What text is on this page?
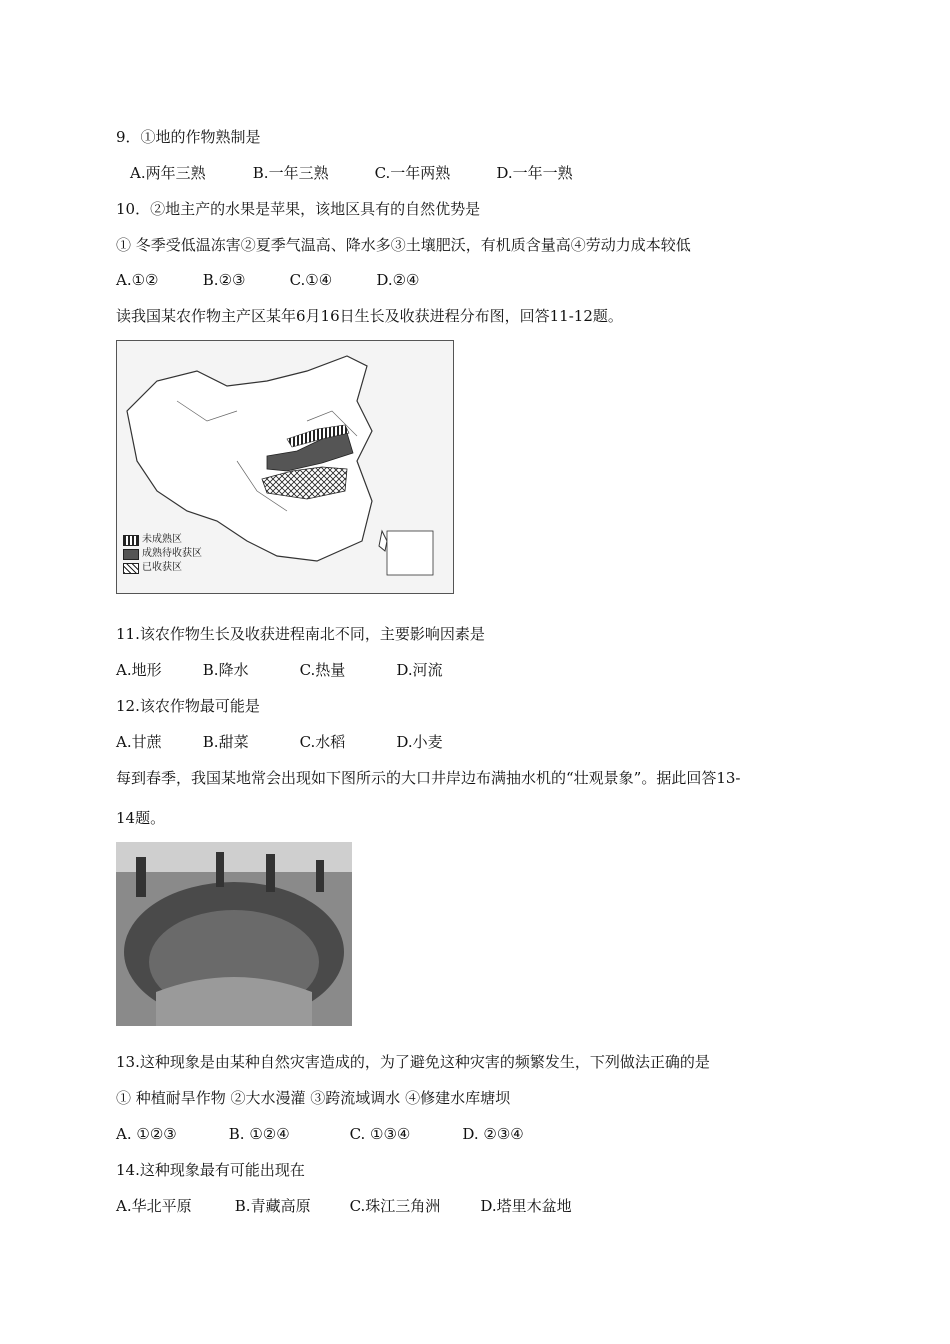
9．①地的作物熟制是
A.两年三熟	B.一年三熟	C.一年两熟	D.一年一熟
10．②地主产的水果是苹果，该地区具有的自然优势是
① 冬季受低温冻害②夏季气温高、降水多③土壤肥沃，有机质含量高④劳动力成本较低
A.①②	B.②③	C.①④	D.②④
读我国某农作物主产区某年6月16日生长及收获进程分布图，回答11-12题。
未成熟区
成熟待收获区
已收获区
11.该农作物生长及收获进程南北不同，主要影响因素是
A.地形	B.降水	C.热量	D.河流
12.该农作物最可能是
A.甘蔗	B.甜菜	C.水稻	D.小麦
每到春季，我国某地常会出现如下图所示的大口井岸边布满抽水机的“壮观景象”。据此回答13-
14题。
13.这种现象是由某种自然灾害造成的，为了避免这种灾害的频繁发生，下列做法正确的是
① 种植耐旱作物 ②大水漫灌 ③跨流域调水 ④修建水库塘坝
A. ①②③	B. ①②④	C. ①③④	D. ②③④
14.这种现象最有可能出现在
A.华北平原	B.青藏高原	C.珠江三角洲	D.塔里木盆地
